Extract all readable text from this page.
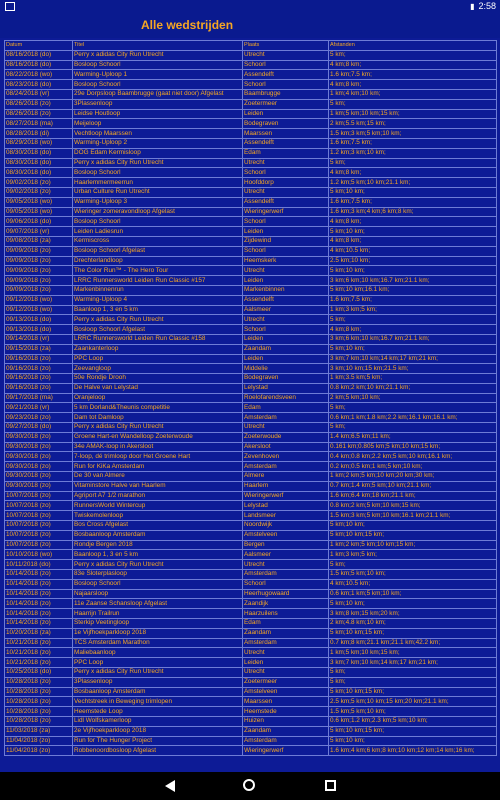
▮ 2:58
Alle wedstrijden
Datum	Titel	Plaats	Afstanden
08/16/2018 (do)	Perry x adidas City Run Utrecht	Utrecht	5 km;
08/16/2018 (do)	Bosloop Schoorl	Schoorl	4 km;8 km;
08/22/2018 (wo)	Warming-Uploop 1	Assendelft	1.6 km;7.5 km;
08/23/2018 (do)	Bosloop Schoorl	Schoorl	4 km;8 km;
08/24/2018 (vr)	29e Dorpsloop Baambrugge (gaat niet door) Afgelast	Baambrugge	1 km;4 km;10 km;
08/26/2018 (zo)	3Plassenloop	Zoetermeer	5 km;
08/26/2018 (zo)	Leidse Houtloop	Leiden	1 km;5 km;10 km;15 km;
08/27/2018 (ma)	Meijeloop	Bodegraven	2 km;5.5 km;15 km;
08/28/2018 (di)	Vechtloop Maarssen	Maarssen	1.5 km;3 km;5 km;10 km;
08/29/2018 (wo)	Warming-Uploop 2	Assendelft	1.6 km;7.5 km;
08/30/2018 (do)	DOG Edam Kermisloop	Edam	1.2 km;3 km;10 km;
08/30/2018 (do)	Perry x adidas City Run Utrecht	Utrecht	5 km;
08/30/2018 (do)	Bosloop Schoorl	Schoorl	4 km;8 km;
09/02/2018 (zo)	Haarlemmermeerrun	Hoofddorp	1.2 km;5 km;10 km;21.1 km;
09/02/2018 (zo)	Urban Culture Run Utrecht	Utrecht	5 km;10 km;
09/05/2018 (wo)	Warming-Uploop 3	Assendelft	1.6 km;7.5 km;
09/05/2018 (wo)	Wieringer zomeravondloop Afgelast	Wieringerwerf	1.6 km;3 km;4 km;6 km;8 km;
09/06/2018 (do)	Bosloop Schoorl	Schoorl	4 km;8 km;
09/07/2018 (vr)	Leiden Ladiesrun	Leiden	5 km;10 km;
09/08/2018 (za)	Kermiscross	Zijdewind	4 km;8 km;
09/09/2018 (zo)	Bosloop Schoorl Afgelast	Schoorl	4 km;10.5 km;
09/09/2018 (zo)	Drechterlandloop	Heemskerk	2.5 km;10 km;
09/09/2018 (zo)	The Color Run™ - The Hero Tour	Utrecht	5 km;10 km;
09/09/2018 (zo)	LRRC Runnersworld Leiden Run Classic #157	Leiden	3 km;6 km;10 km;16.7 km;21.1 km;
09/09/2018 (zo)	Markenbinnenrun	Markenbinnen	5 km;10 km;16.1 km;
09/12/2018 (wo)	Warming-Uploop 4	Assendelft	1.6 km;7.5 km;
09/12/2018 (wo)	Baanloop 1, 3 en 5 km	Aalsmeer	1 km;3 km;5 km;
09/13/2018 (do)	Perry x adidas City Run Utrecht	Utrecht	5 km;
09/13/2018 (do)	Bosloop Schoorl Afgelast	Schoorl	4 km;8 km;
09/14/2018 (vr)	LRRC Runnersworld Leiden Run Classic #158	Leiden	3 km;6 km;10 km;16.7 km;21.1 km;
09/15/2018 (za)	Zaankanterloop	Zaandam	5 km;10 km;
09/16/2018 (zo)	PPC Loop	Leiden	3 km;7 km;10 km;14 km;17 km;21 km;
09/16/2018 (zo)	Zeevangloop	Middelie	3 km;10 km;15 km;21.5 km;
09/16/2018 (zo)	50e Rondje Drooh	Bodegraven	1 km;3.5 km;5 km;
09/16/2018 (zo)	De Halve van Lelystad	Lelystad	0.8 km;2 km;10 km;21.1 km;
09/17/2018 (ma)	Oranjeloop	Roelofarendsveen	2 km;5 km;10 km;
09/21/2018 (vr)	5 km Dorland&Theunis competitie	Edam	5 km;
09/23/2018 (zo)	Dam tot Damloop	Amsterdam	0.6 km;1 km;1.8 km;2.2 km;16.1 km;16.1 km;
09/27/2018 (do)	Perry x adidas City Run Utrecht	Utrecht	5 km;
09/30/2018 (zo)	Groene Hart-en Wandelloop Zoeterwoude	Zoeterwoude	1.4 km;6.5 km;11 km;
09/30/2018 (zo)	34e AMAK-loop in Akersloot	Akersloot	0.161 km;0.805 km;5 km;10 km;15 km;
09/30/2018 (zo)	7-loop, dé trimloop door Het Groene Hart	Zevenhoven	0.4 km;0.8 km;2.2 km;5 km;10 km;16.1 km;
09/30/2018 (zo)	Run for KiKa Amsterdam	Amsterdam	0.2 km;0.5 km;1 km;5 km;10 km;
09/30/2018 (zo)	De 30 van Almere	Almere	1 km;2 km;5 km;10 km;20 km;30 km;
09/30/2018 (zo)	Vitaminstore Halve van Haarlem	Haarlem	0.7 km;1.4 km;5 km;10 km;21.1 km;
10/07/2018 (zo)	Agriport A7 1/2 marathon	Wieringerwerf	1.6 km;6.4 km;18 km;21.1 km;
10/07/2018 (zo)	RunnersWorld Wintercup	Lelystad	0.8 km;2 km;5 km;10 km;15 km;
10/07/2018 (zo)	Twiskemolenloop	Landsmeer	1.5 km;3 km;5 km;10 km;16.1 km;21.1 km;
10/07/2018 (zo)	Bos Cross Afgelast	Noordwijk	5 km;10 km;
10/07/2018 (zo)	Bosbaanloop Amsterdam	Amstelveen	5 km;10 km;15 km;
10/07/2018 (zo)	Rondje Bergen 2018	Bergen	1 km;2 km;5 km;10 km;15 km;
10/10/2018 (wo)	Baanloop 1, 3 en 5 km	Aalsmeer	1 km;3 km;5 km;
10/11/2018 (do)	Perry x adidas City Run Utrecht	Utrecht	5 km;
10/14/2018 (zo)	83e Sloterplasloop	Amsterdam	1.5 km;5 km;10 km;
10/14/2018 (zo)	Bosloop Schoorl	Schoorl	4 km;10.5 km;
10/14/2018 (zo)	Najaarsloop	Heerhugowaard	0.6 km;1 km;5 km;10 km;
10/14/2018 (zo)	11e Zaanse Schansloop Afgelast	Zaandijk	5 km;10 km;
10/14/2018 (zo)	Haarrijn Trailrun	Haarzuilens	3 km;8 km;15 km;20 km;
10/14/2018 (zo)	Sterkip Veetingloop	Edam	2 km;4.8 km;10 km;
10/20/2018 (za)	1e Vijfhoekparkloop 2018	Zaandam	5 km;10 km;15 km;
10/21/2018 (zo)	TCS Amsterdam Marathon	Amsterdam	0.7 km;8 km;21.1 km;21.1 km;42.2 km;
10/21/2018 (zo)	Maliebaanloop	Utrecht	1 km;5 km;10 km;15 km;
10/21/2018 (zo)	PPC Loop	Leiden	3 km;7 km;10 km;14 km;17 km;21 km;
10/25/2018 (do)	Perry x adidas City Run Utrecht	Utrecht	5 km;
10/28/2018 (zo)	3Plassenloop	Zoetermeer	5 km;
10/28/2018 (zo)	Bosbaanloop Amsterdam	Amstelveen	5 km;10 km;15 km;
10/28/2018 (zo)	Vechtstreek in Beweging trimlopen	Maarssen	2.5 km;5 km;10 km;15 km;20 km;21.1 km;
10/28/2018 (zo)	Heemstede Loop	Heemstede	1.5 km;5 km;10 km;
10/28/2018 (zo)	Lidl Wolfskamerloop	Huizen	0.6 km;1.2 km;2.3 km;5 km;10 km;
11/03/2018 (za)	2e Vijfhoekparkloop 2018	Zaandam	5 km;10 km;15 km;
11/04/2018 (zo)	Run for The Hunger Project	Amsterdam	5 km;10 km;
11/04/2018 (zo)	Robbenoordbosloop Afgelast	Wieringerwerf	1.6 km;4 km;6 km;8 km;10 km;12 km;14 km;16 km;
